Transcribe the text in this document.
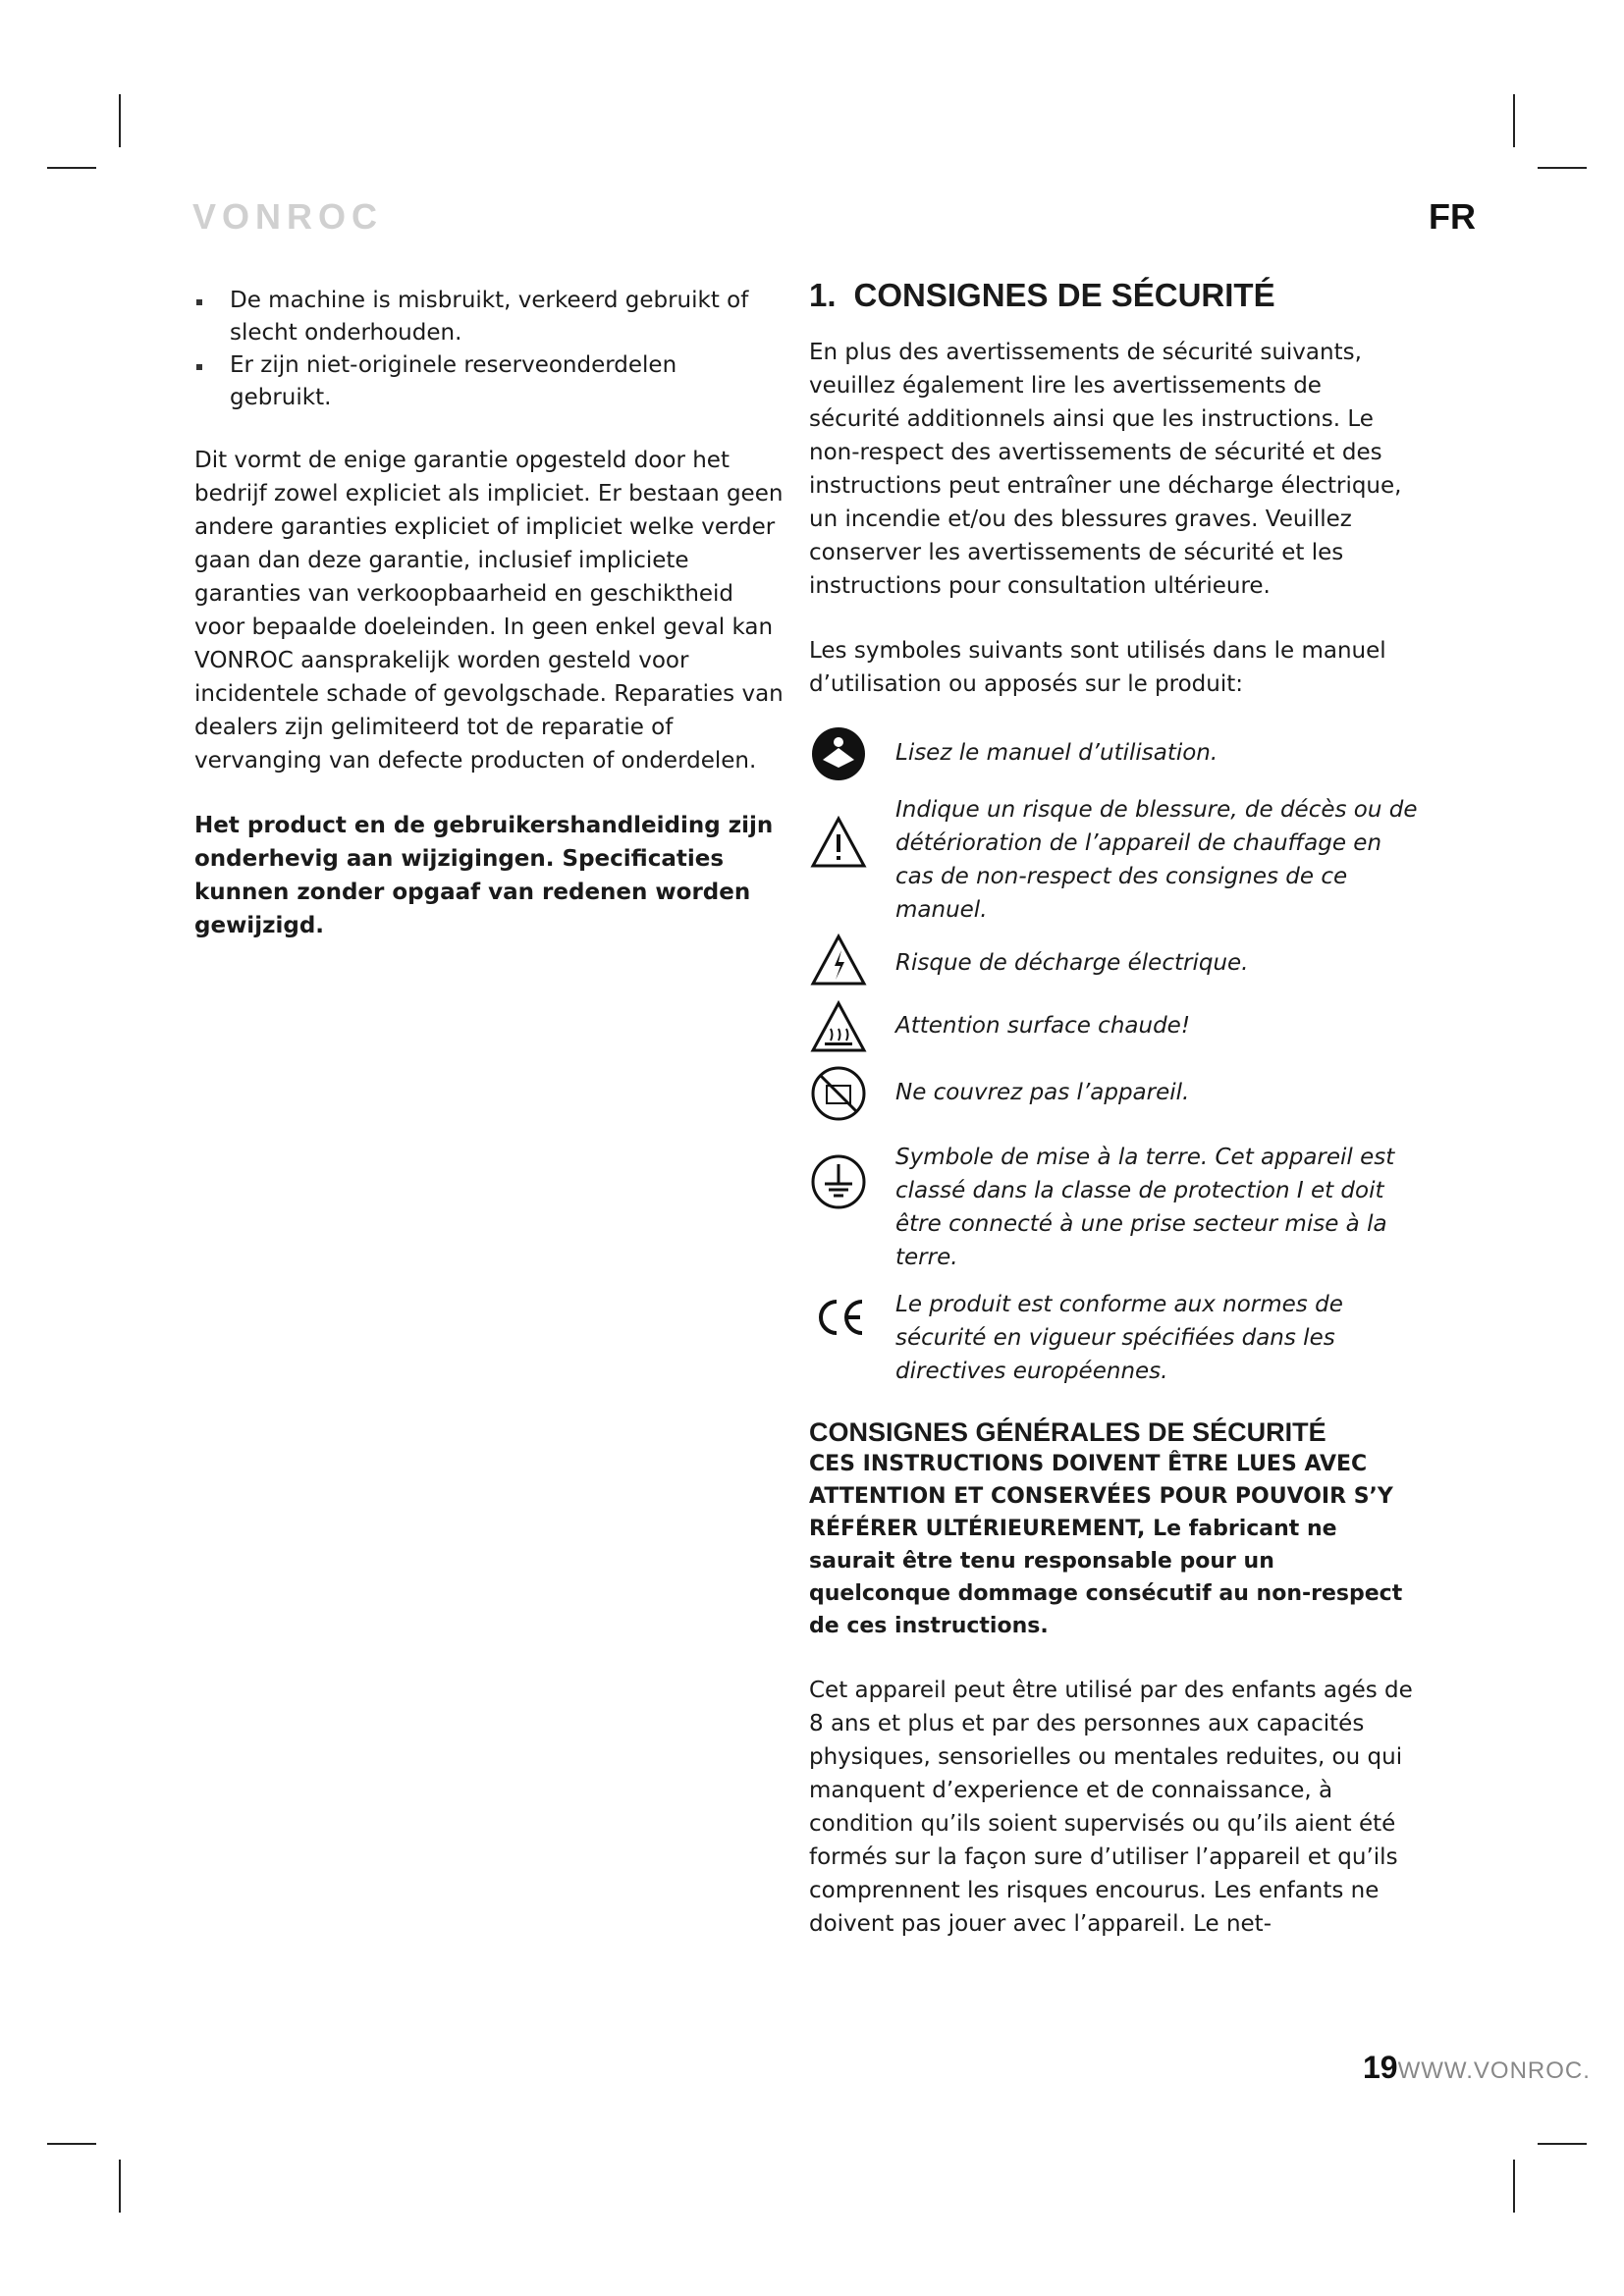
VONROC	FR
De machine is misbruikt, verkeerd gebruikt of slecht onderhouden.
Er zijn niet-originele reserveonderdelen gebruikt.

Dit vormt de enige garantie opgesteld door het bedrijf zowel expliciet als impliciet. Er bestaan geen andere garanties expliciet of impliciet welke verder gaan dan deze garantie, inclusief impliciete garanties van verkoopbaarheid en geschiktheid voor bepaalde doeleinden. In geen enkel geval kan VONROC aansprakelijk worden gesteld voor incidentele schade of gevolgschade. Reparaties van dealers zijn gelimiteerd tot de reparatie of vervanging van defecte producten of onderdelen.

Het product en de gebruikershandleiding zijn onderhevig aan wijzigingen. Specificaties kunnen zonder opgaaf van redenen worden gewijzigd.

1. CONSIGNES DE SÉCURITÉ

En plus des avertissements de sécurité suivants, veuillez également lire les avertissements de sécurité additionnels ainsi que les instructions. Le non-respect des avertissements de sécurité et des instructions peut entraîner une décharge électrique, un incendie et/ou des blessures graves. Veuillez conserver les avertissements de sécurité et les instructions pour consultation ultérieure.

Les symboles suivants sont utilisés dans le manuel d’utilisation ou apposés sur le produit:

Lisez le manuel d’utilisation.
Indique un risque de blessure, de décès ou de détérioration de l’appareil de chauffage en cas de non-respect des consignes de ce manuel.
Risque de décharge électrique.
Attention surface chaude!
Ne couvrez pas l’appareil.
Symbole de mise à la terre. Cet appareil est classé dans la classe de protection I et doit être connecté à une prise secteur mise à la terre.
Le produit est conforme aux normes de sécurité en vigueur spécifiées dans les directives européennes.
CONSIGNES GÉNÉRALES DE SÉCURITÉ

CES INSTRUCTIONS DOIVENT ÊTRE LUES AVEC ATTENTION ET CONSERVÉES POUR POUVOIR S’Y RÉFÉRER ULTÉRIEUREMENT, Le fabricant ne saurait être tenu responsable pour un quelconque dommage consécutif au non-respect de ces instructions.

Cet appareil peut être utilisé par des enfants agés de 8 ans et plus et par des personnes aux capacités physiques, sensorielles ou mentales reduites, ou qui manquent d’experience et de connaissance, à condition qu’ils soient supervisés ou qu’ils aient été formés sur la façon sure d’utiliser l’appareil et qu’ils comprennent les risques encourus. Les enfants ne doivent pas jouer avec l’appareil. Le net-

19WWW.VONROC.
